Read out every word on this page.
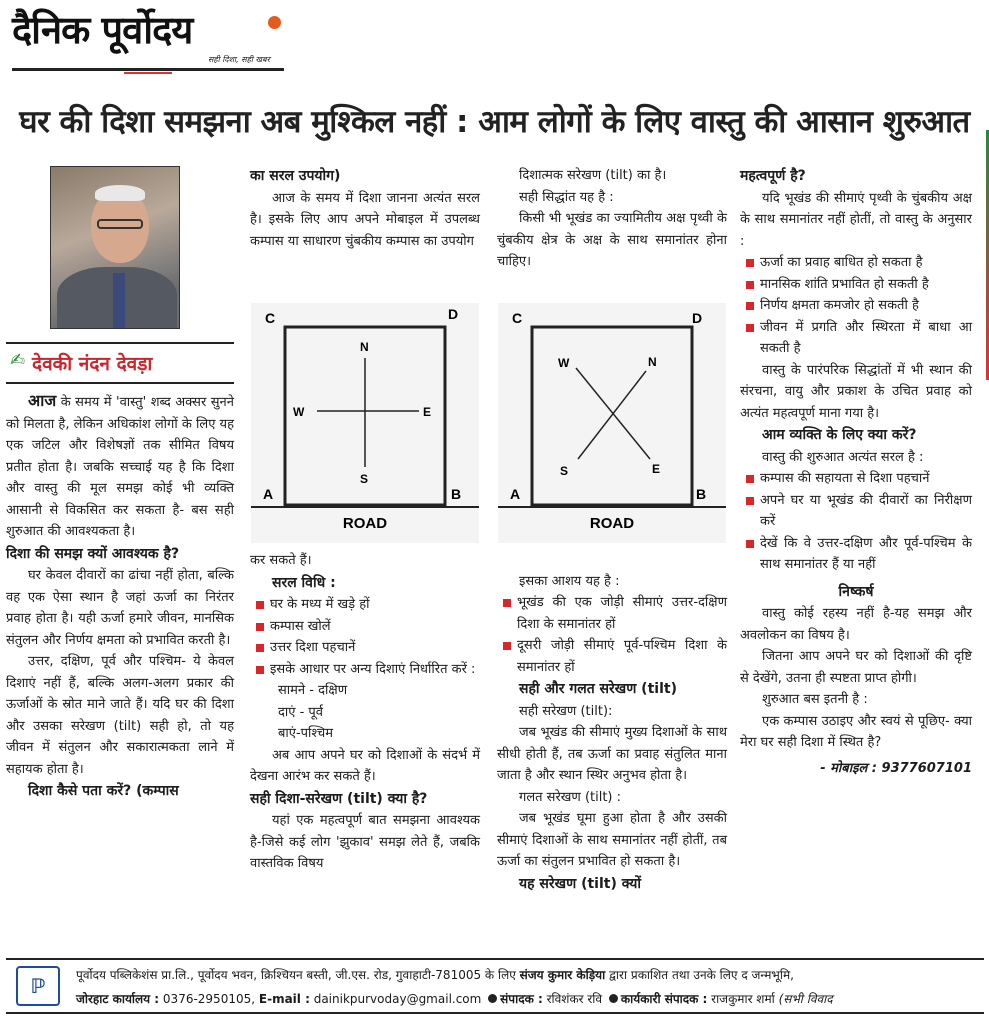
दैनिक पूर्वोदय
सही दिशा, सही खबर
घर की दिशा समझना अब मुश्किल नहीं : आम लोगों के लिए वास्तु की आसान शुरुआत
✍ देवकी नंदन देवड़ा

आज के समय में 'वास्तु' शब्द अक्सर सुनने को मिलता है, लेकिन अधिकांश लोगों के लिए यह एक जटिल और विशेषज्ञों तक सीमित विषय प्रतीत होता है। जबकि सच्चाई यह है कि दिशा और वास्तु की मूल समझ कोई भी व्यक्ति आसानी से विकसित कर सकता है- बस सही शुरुआत की आवश्यकता है।

दिशा की समझ क्यों आवश्यक है?

घर केवल दीवारों का ढांचा नहीं होता, बल्कि वह एक ऐसा स्थान है जहां ऊर्जा का निरंतर प्रवाह होता है। यही ऊर्जा हमारे जीवन, मानसिक संतुलन और निर्णय क्षमता को प्रभावित करती है।

उत्तर, दक्षिण, पूर्व और पश्चिम- ये केवल दिशाएं नहीं हैं, बल्कि अलग-अलग प्रकार की ऊर्जाओं के स्रोत माने जाते हैं। यदि घर की दिशा और उसका सरेखण (tilt) सही हो, तो यह जीवन में संतुलन और सकारात्मकता लाने में सहायक होता है।

दिशा कैसे पता करें? (कम्पास

का सरल उपयोग)

आज के समय में दिशा जानना अत्यंत सरल है। इसके लिए आप अपने मोबाइल में उपलब्ध कम्पास या साधारण चुंबकीय कम्पास का उपयोग

कर सकते हैं।

सरल विधि :

घर के मध्य में खड़े हों

कम्पास खोलें

उत्तर दिशा पहचानें

इसके आधार पर अन्य दिशाएं निर्धारित करें :

सामने - दक्षिण

दाएं - पूर्व

बाएं-पश्चिम

अब आप अपने घर को दिशाओं के संदर्भ में देखना आरंभ कर सकते हैं।

सही दिशा-सरेखण (tilt) क्या है?

यहां एक महत्वपूर्ण बात समझना आवश्यक है-जिसे कई लोग 'झुकाव' समझ लेते हैं, जबकि वास्तविक विषय

दिशात्मक सरेखण (tilt) का है।

सही सिद्धांत यह है :

किसी भी भूखंड का ज्यामितीय अक्ष पृथ्वी के चुंबकीय क्षेत्र के अक्ष के साथ समानांतर होना चाहिए।

इसका आशय यह है :

भूखंड की एक जोड़ी सीमाएं उत्तर-दक्षिण दिशा के समानांतर हों

दूसरी जोड़ी सीमाएं पूर्व-पश्चिम दिशा के समानांतर हों

सही और गलत सरेखण (tilt)

सही सरेखण (tilt):

जब भूखंड की सीमाएं मुख्य दिशाओं के साथ सीधी होती हैं, तब ऊर्जा का प्रवाह संतुलित माना जाता है और स्थान स्थिर अनुभव होता है।

गलत सरेखण (tilt) :

जब भूखंड घूमा हुआ होता है और उसकी सीमाएं दिशाओं के साथ समानांतर नहीं होतीं, तब ऊर्जा का संतुलन प्रभावित हो सकता है।

यह सरेखण (tilt) क्यों

महत्वपूर्ण है?

यदि भूखंड की सीमाएं पृथ्वी के चुंबकीय अक्ष के साथ समानांतर नहीं होतीं, तो वास्तु के अनुसार :

ऊर्जा का प्रवाह बाधित हो सकता है

मानसिक शांति प्रभावित हो सकती है

निर्णय क्षमता कमजोर हो सकती है

जीवन में प्रगति और स्थिरता में बाधा आ सकती है

वास्तु के पारंपरिक सिद्धांतों में भी स्थान की संरचना, वायु और प्रकाश के उचित प्रवाह को अत्यंत महत्वपूर्ण माना गया है।

आम व्यक्ति के लिए क्या करें?

वास्तु की शुरुआत अत्यंत सरल है :

कम्पास की सहायता से दिशा पहचानें

अपने घर या भूखंड की दीवारों का निरीक्षण करें

देखें कि वे उत्तर-दक्षिण और पूर्व-पश्चिम के साथ समानांतर हैं या नहीं

निष्कर्ष

वास्तु कोई रहस्य नहीं है-यह समझ और अवलोकन का विषय है।

जितना आप अपने घर को दिशाओं की दृष्टि से देखेंगे, उतना ही स्पष्टता प्राप्त होगी।

शुरुआत बस इतनी है :

एक कम्पास उठाइए और स्वयं से पूछिए- क्या मेरा घर सही दिशा में स्थित है?

- मोबाइल : 9377607101

C	D
A	B
N
S
W	E
ROAD
C	D
A	B
N
W
S	E
ROAD
ℙ	पूर्वोदय पब्लिकेशंस प्रा.लि., पूर्वोदय भवन, क्रिश्चियन बस्ती, जी.एस. रोड, गुवाहाटी-781005 के लिए संजय कुमार केड़िया द्वारा प्रकाशित तथा उनके लिए द जन्मभूमि,
जोरहाट कार्यालय : 0376-2950105, E-mail : dainikpurvoday@gmail.com संपादक : रविशंकर रवि कार्यकारी संपादक : राजकुमार शर्मा (सभी विवाद
